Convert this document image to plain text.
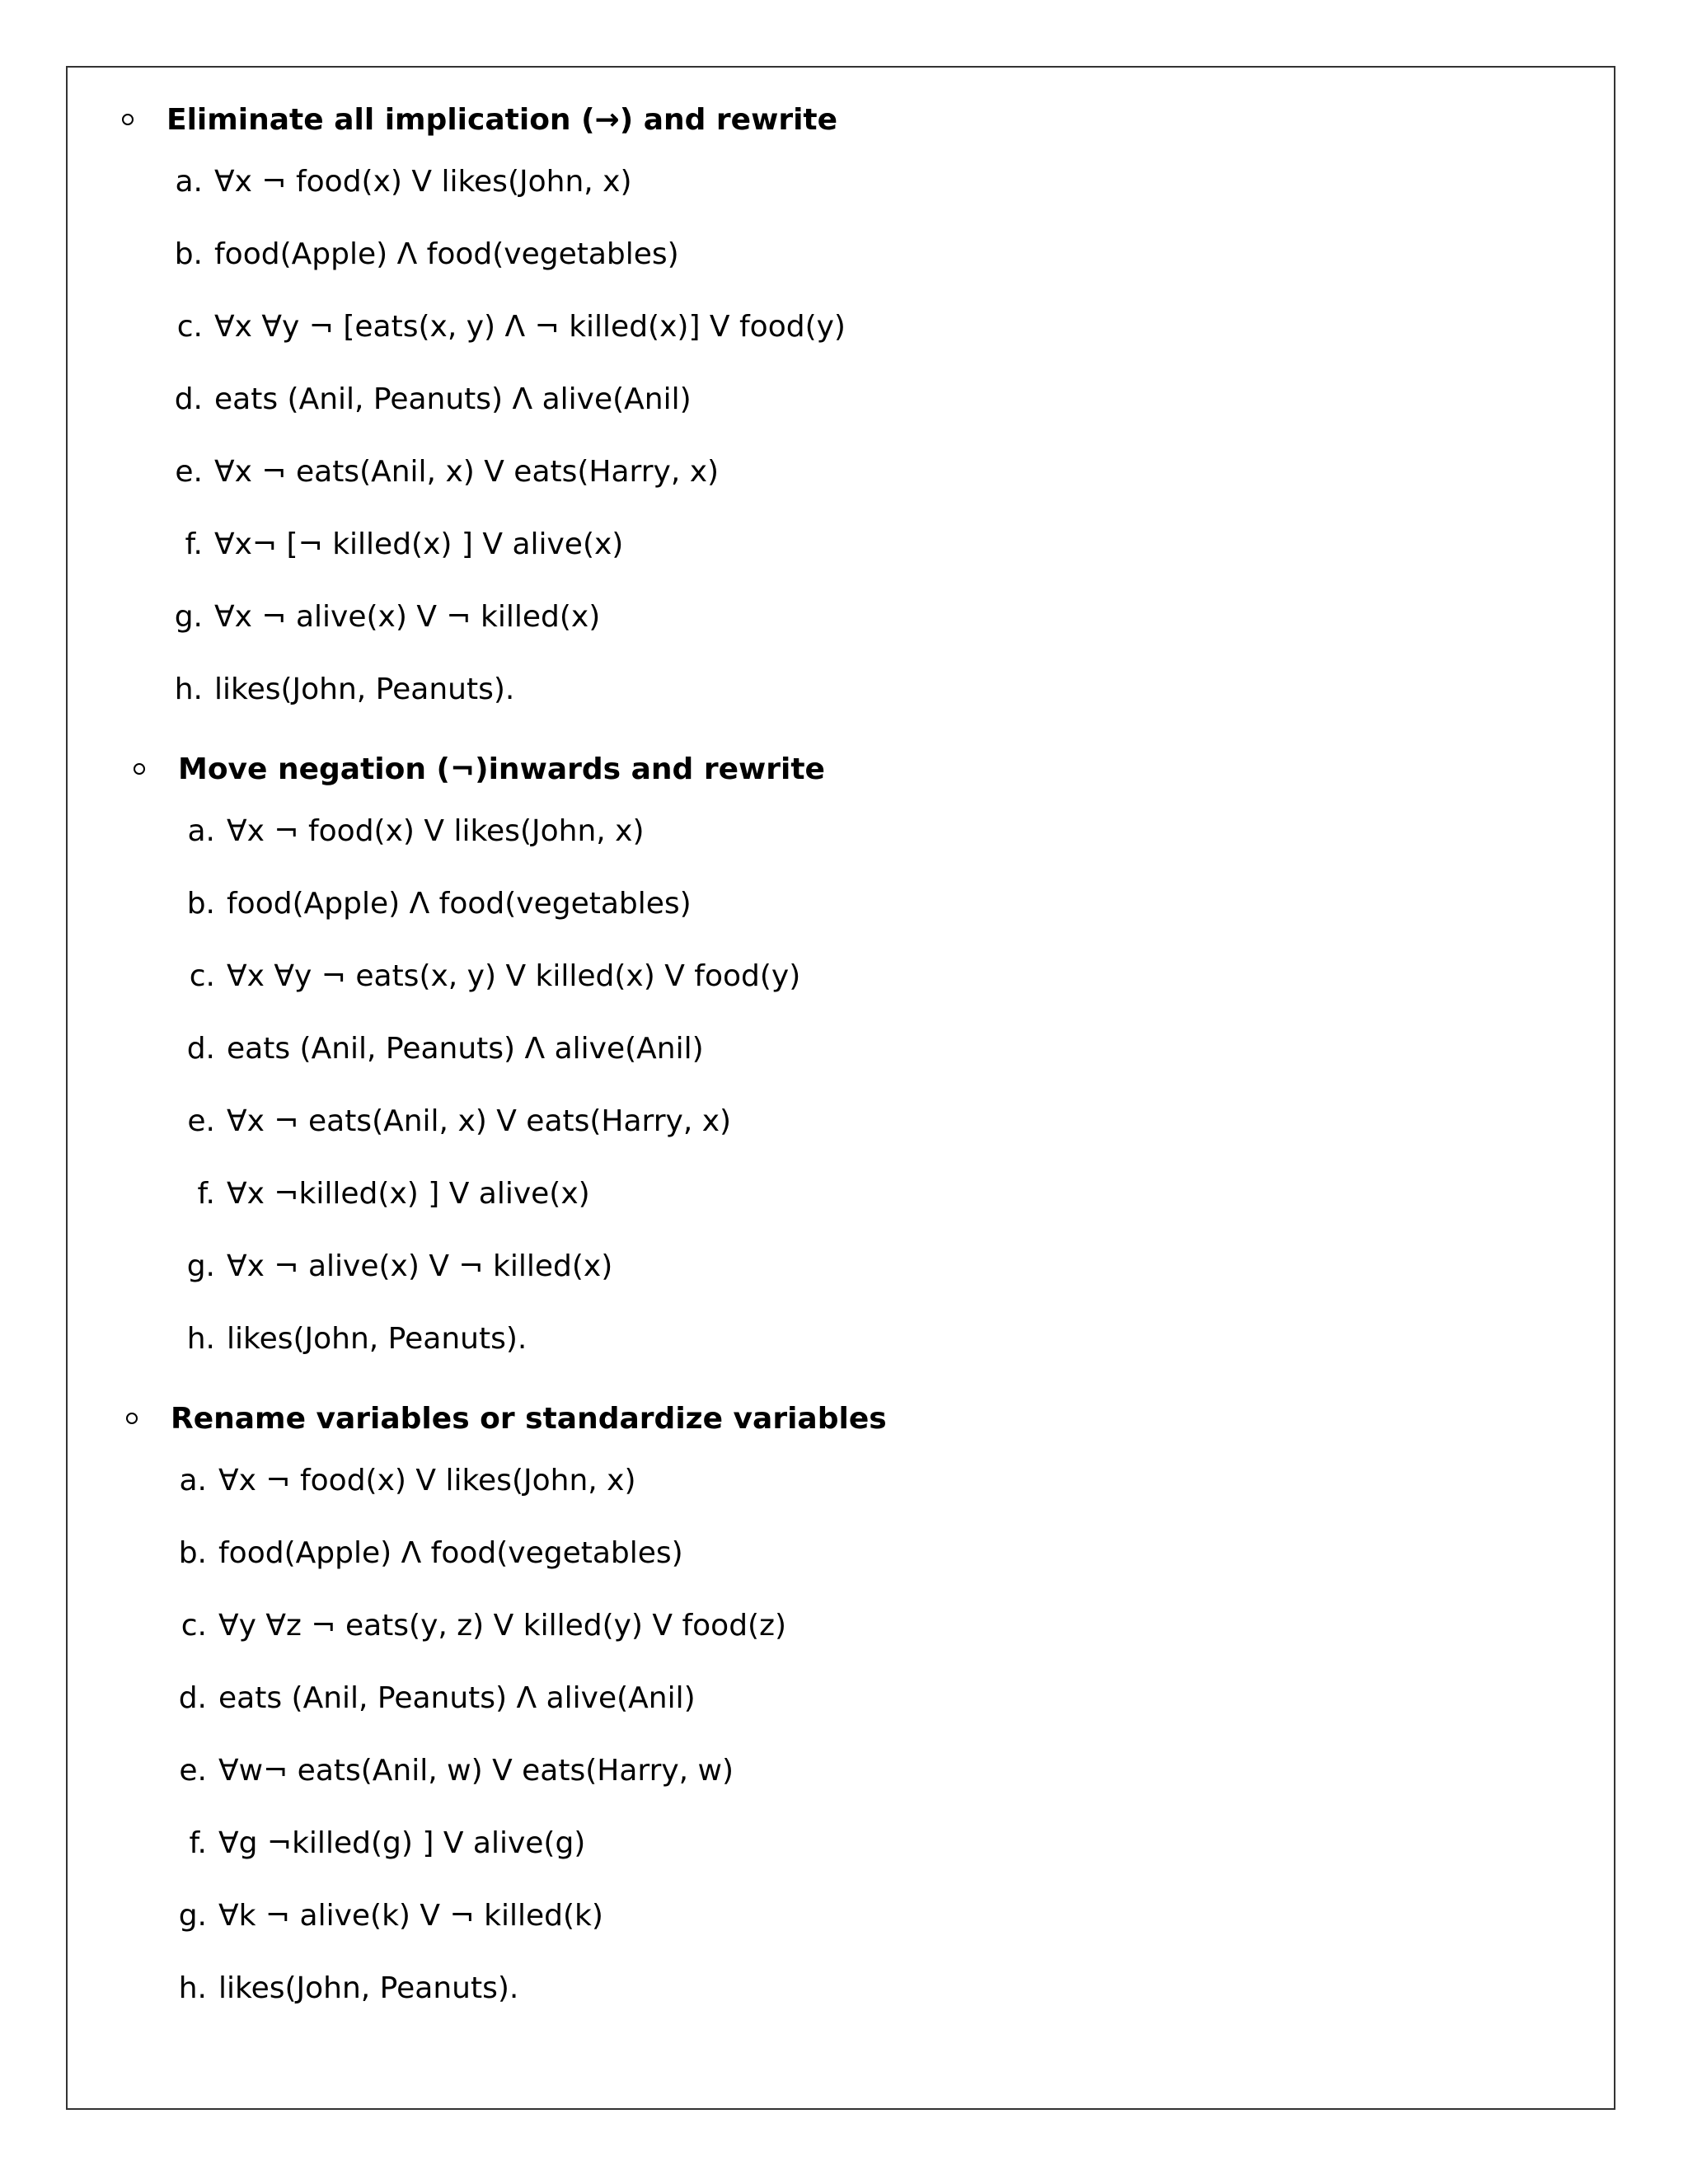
Eliminate all implication (→) and rewrite
a. ∀x ¬ food(x) V likes(John, x)
b. food(Apple) Λ food(vegetables)
c. ∀x ∀y ¬ [eats(x, y) Λ ¬ killed(x)] V food(y)
d. eats (Anil, Peanuts) Λ alive(Anil)
e. ∀x ¬ eats(Anil, x) V eats(Harry, x)
f. ∀x¬ [¬ killed(x) ] V alive(x)
g. ∀x ¬ alive(x) V ¬ killed(x)
h. likes(John, Peanuts).
Move negation (¬)inwards and rewrite
a. ∀x ¬ food(x) V likes(John, x)
b. food(Apple) Λ food(vegetables)
c. ∀x ∀y ¬ eats(x, y) V killed(x) V food(y)
d. eats (Anil, Peanuts) Λ alive(Anil)
e. ∀x ¬ eats(Anil, x) V eats(Harry, x)
f. ∀x ¬killed(x) ] V alive(x)
g. ∀x ¬ alive(x) V ¬ killed(x)
h. likes(John, Peanuts).
Rename variables or standardize variables
a. ∀x ¬ food(x) V likes(John, x)
b. food(Apple) Λ food(vegetables)
c. ∀y ∀z ¬ eats(y, z) V killed(y) V food(z)
d. eats (Anil, Peanuts) Λ alive(Anil)
e. ∀w¬ eats(Anil, w) V eats(Harry, w)
f. ∀g ¬killed(g) ] V alive(g)
g. ∀k ¬ alive(k) V ¬ killed(k)
h. likes(John, Peanuts).
